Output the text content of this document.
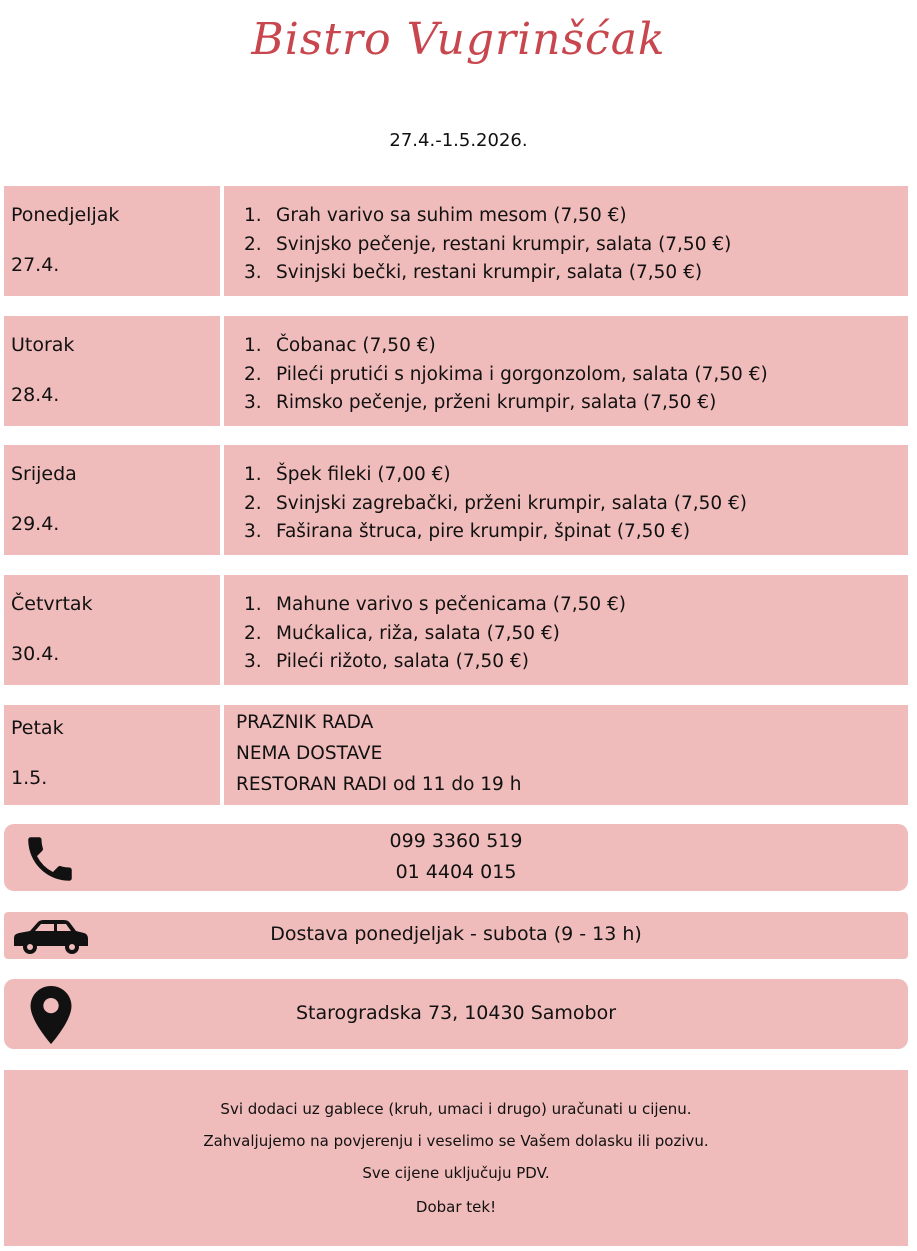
Bistro Vugrinšćak
27.4.-1.5.2026.
Ponedjeljak
27.4.
1. Grah varivo sa suhim mesom (7,50 €)
2. Svinjsko pečenje, restani krumpir, salata (7,50 €)
3. Svinjski bečki, restani krumpir, salata (7,50 €)
Utorak
28.4.
1. Čobanac (7,50 €)
2. Pileći prutići s njokima i gorgonzolom, salata (7,50 €)
3. Rimsko pečenje, prženi krumpir, salata (7,50 €)
Srijeda
29.4.
1. Špek fileki (7,00 €)
2. Svinjski zagrebački, prženi krumpir, salata (7,50 €)
3. Faširana štruca, pire krumpir, špinat (7,50 €)
Četvrtak
30.4.
1. Mahune varivo s pečenicama (7,50 €)
2. Mućkalica, riža, salata (7,50 €)
3. Pileći rižoto, salata (7,50 €)
Petak
1.5.
PRAZNIK RADA
NEMA DOSTAVE
RESTORAN RADI od 11 do 19 h
099 3360 519
01 4404 015
Dostava ponedjeljak - subota (9 - 13 h)
Starogradska 73, 10430 Samobor
Svi dodaci uz gablece (kruh, umaci i drugo) uračunati u cijenu.
Zahvaljujemo na povjerenju i veselimo se Vašem dolasku ili pozivu.
Sve cijene uključuju PDV.
Dobar tek!
